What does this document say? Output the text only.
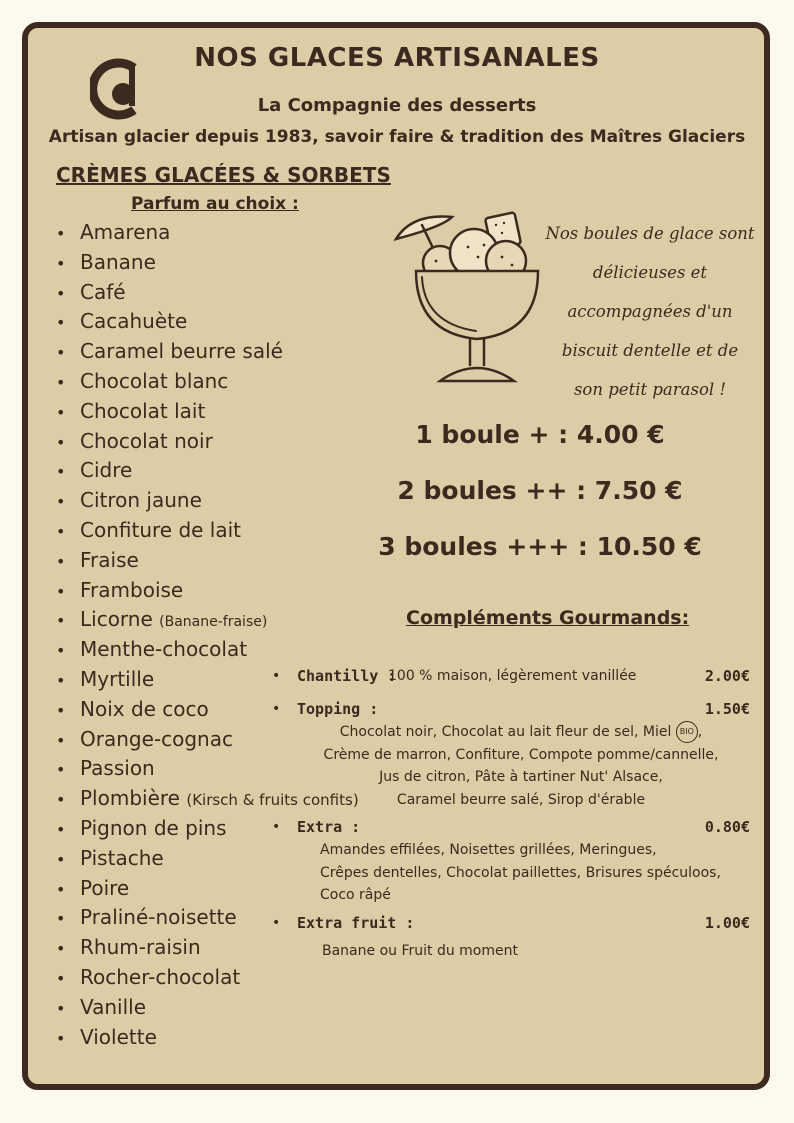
NOS GLACES ARTISANALES
La Compagnie des desserts
Artisan glacier depuis 1983, savoir faire & tradition des Maîtres Glaciers
CRÈMES GLACÉES & SORBETS
Parfum au choix :
• Amarena
• Banane
• Café
• Cacahuète
• Caramel beurre salé
• Chocolat blanc
• Chocolat lait
• Chocolat noir
• Cidre
• Citron jaune
• Confiture de lait
• Fraise
• Framboise
• Licorne (Banane-fraise)
• Menthe-chocolat
• Myrtille
• Noix de coco
• Orange-cognac
• Passion
• Plombière (Kirsch & fruits confits)
• Pignon de pins
• Pistache
• Poire
• Praliné-noisette
• Rhum-raisin
• Rocher-chocolat
• Vanille
• Violette
Nos boules de glace sont
délicieuses et
accompagnées d'un
biscuit dentelle et de
son petit parasol !
1 boule + : 4.00 €
2 boules ++ : 7.50 €
3 boules +++ : 10.50 €
Compléments Gourmands:
• Chantilly :
100 % maison, légèrement vanillée	2.00€
• Topping :	1.50€
Chocolat noir, Chocolat au lait fleur de sel, Miel BIO ,
Crème de marron, Confiture, Compote pomme/cannelle,
Jus de citron, Pâte à tartiner Nut' Alsace,
Caramel beurre salé, Sirop d'érable
• Extra :	0.80€
Amandes effilées, Noisettes grillées, Meringues,
Crêpes dentelles, Chocolat paillettes, Brisures spéculoos,
Coco râpé
• Extra fruit :	1.00€
Banane ou Fruit du moment
